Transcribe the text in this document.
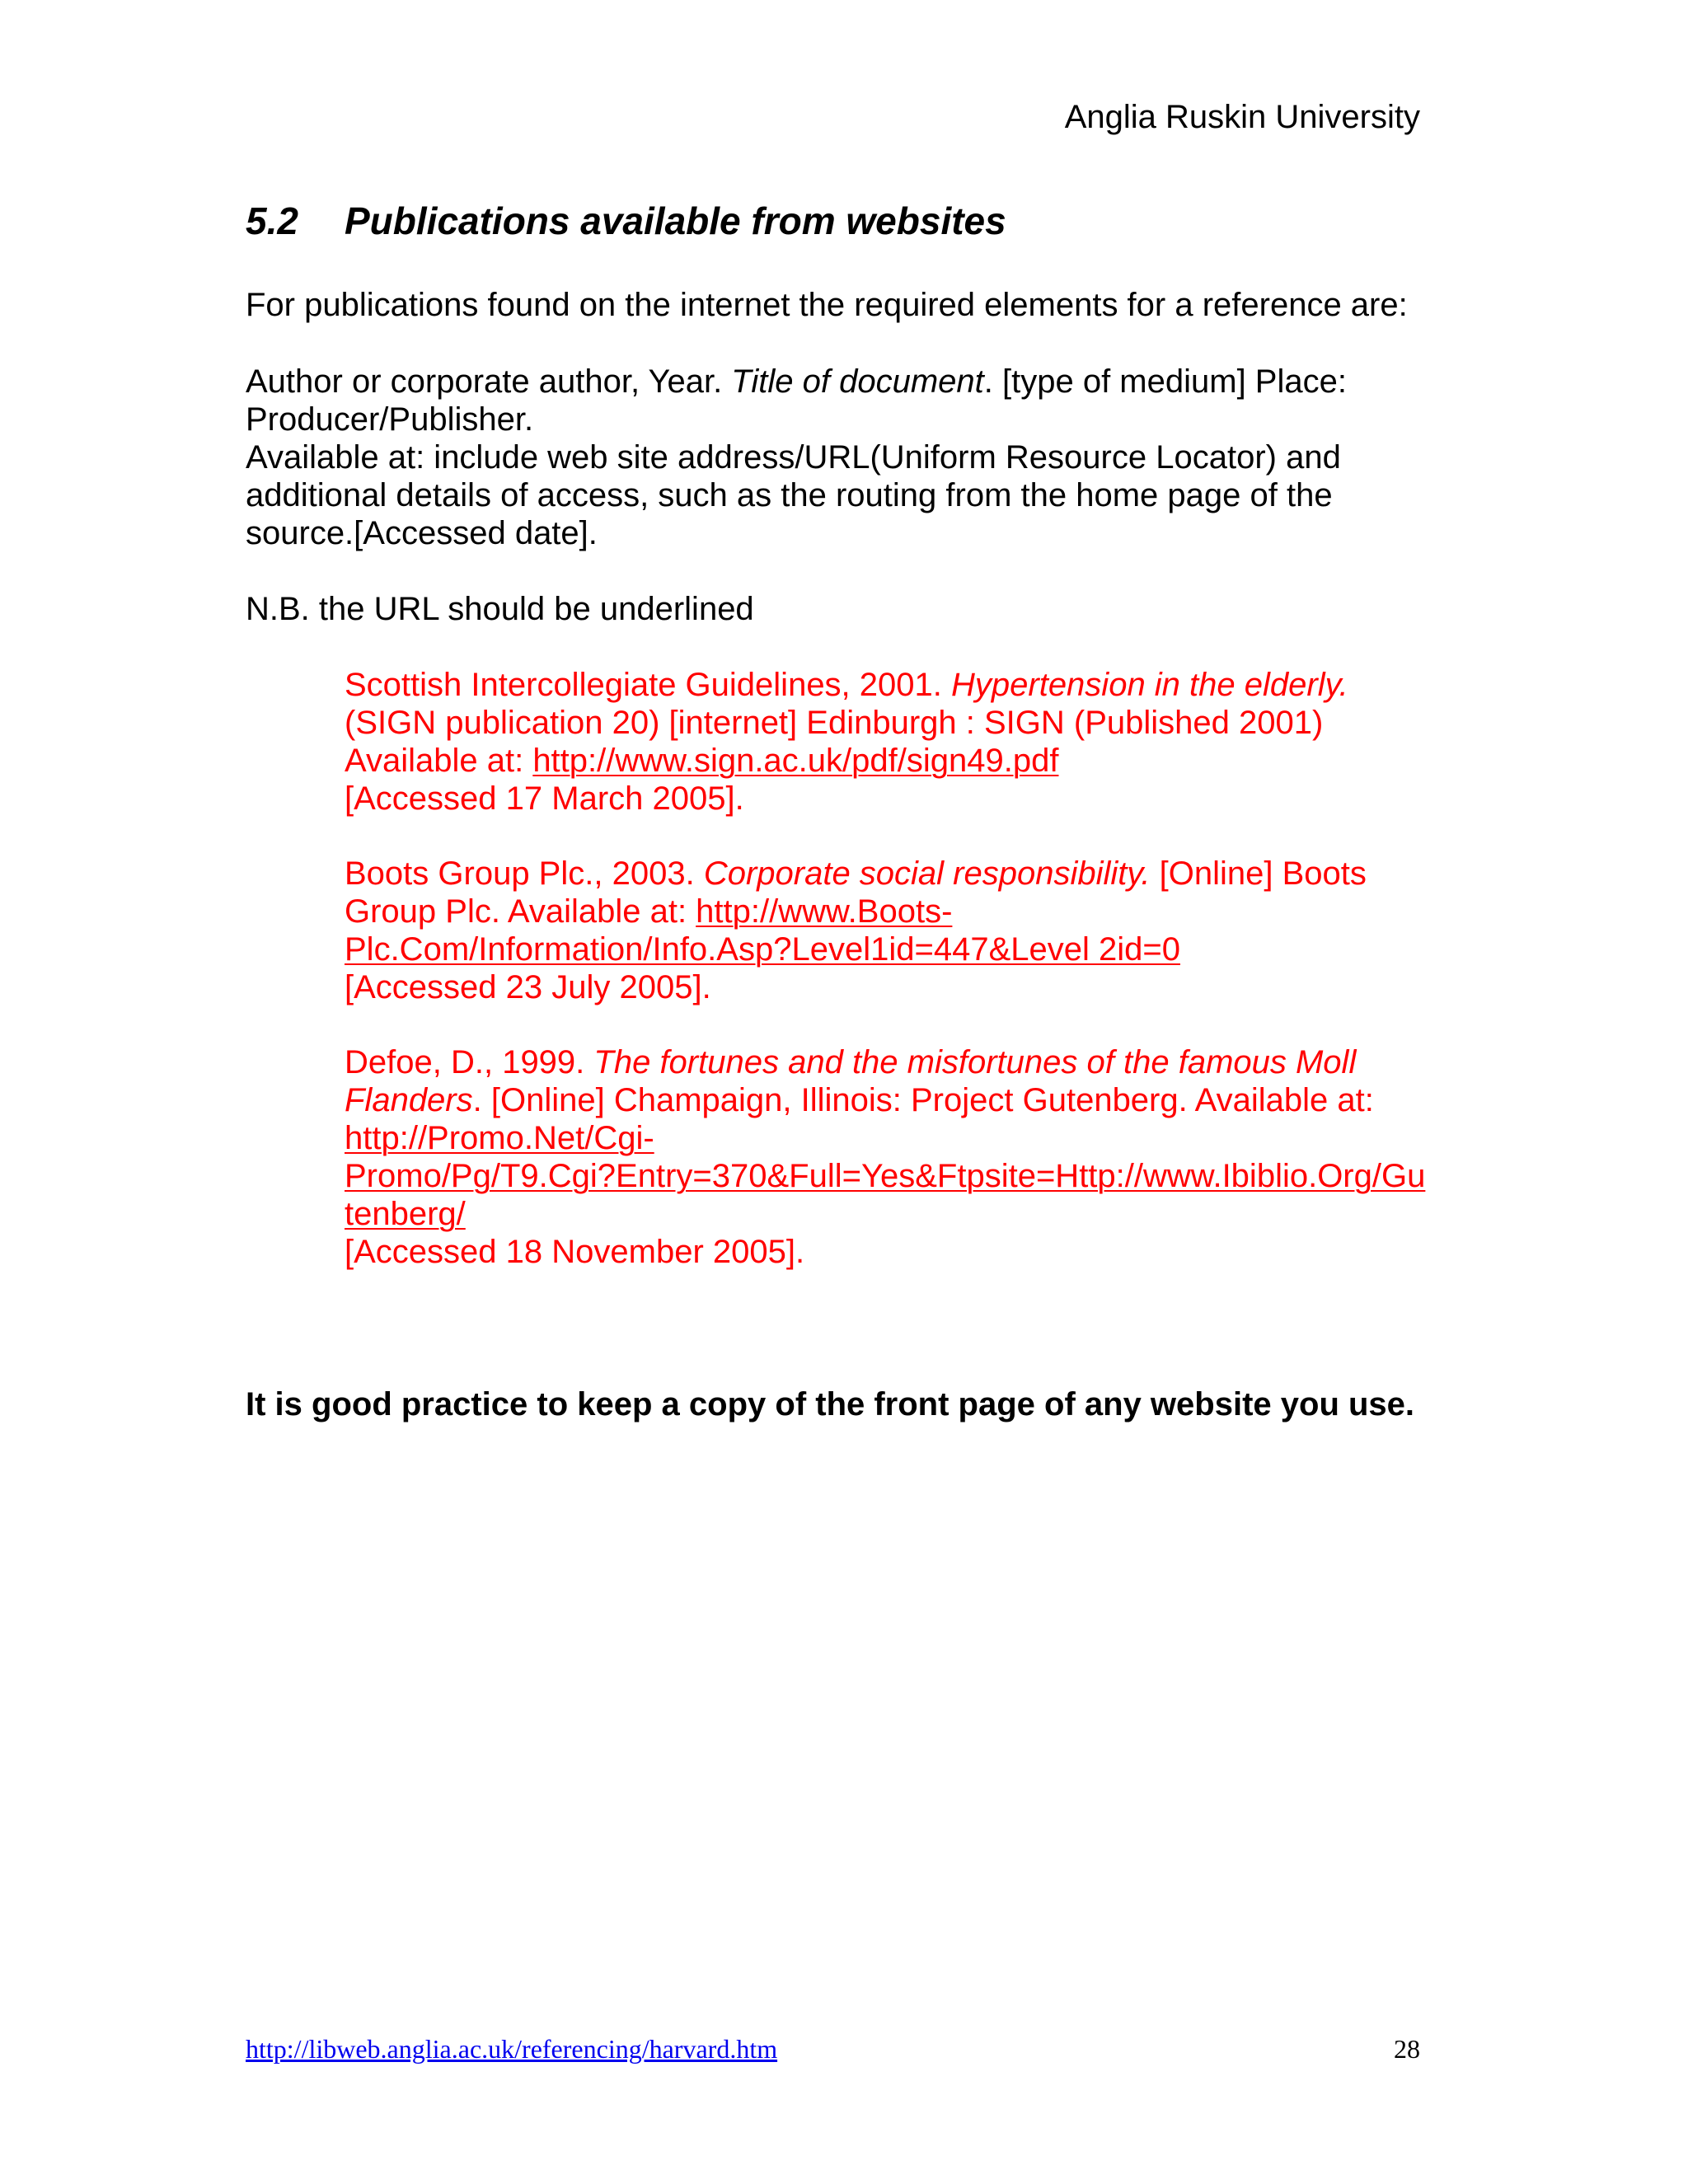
Anglia Ruskin University
5.2 Publications available from websites
For publications found on the internet the required elements for a reference are:
Author or corporate author, Year. Title of document. [type of medium] Place: Producer/Publisher.
Available at: include web site address/URL(Uniform Resource Locator) and additional details of access, such as the routing from the home page of the source.[Accessed date].
N.B. the URL should be underlined
Scottish Intercollegiate Guidelines, 2001. Hypertension in the elderly.
(SIGN publication 20) [internet] Edinburgh : SIGN (Published 2001)
Available at: http://www.sign.ac.uk/pdf/sign49.pdf
[Accessed 17 March 2005].
Boots Group Plc., 2003. Corporate social responsibility. [Online] Boots Group Plc. Available at: http://www.Boots-
Plc.Com/Information/Info.Asp?Level1id=447&Level 2id=0
[Accessed 23 July 2005].
Defoe, D., 1999. The fortunes and the misfortunes of the famous Moll Flanders. [Online] Champaign, Illinois: Project Gutenberg. Available at:
http://Promo.Net/Cgi-
Promo/Pg/T9.Cgi?Entry=370&Full=Yes&Ftpsite=Http://www.Ibiblio.Org/Gu
tenberg/
[Accessed 18 November 2005].
It is good practice to keep a copy of the front page of any website you use.
http://libweb.anglia.ac.uk/referencing/harvard.htm	28
